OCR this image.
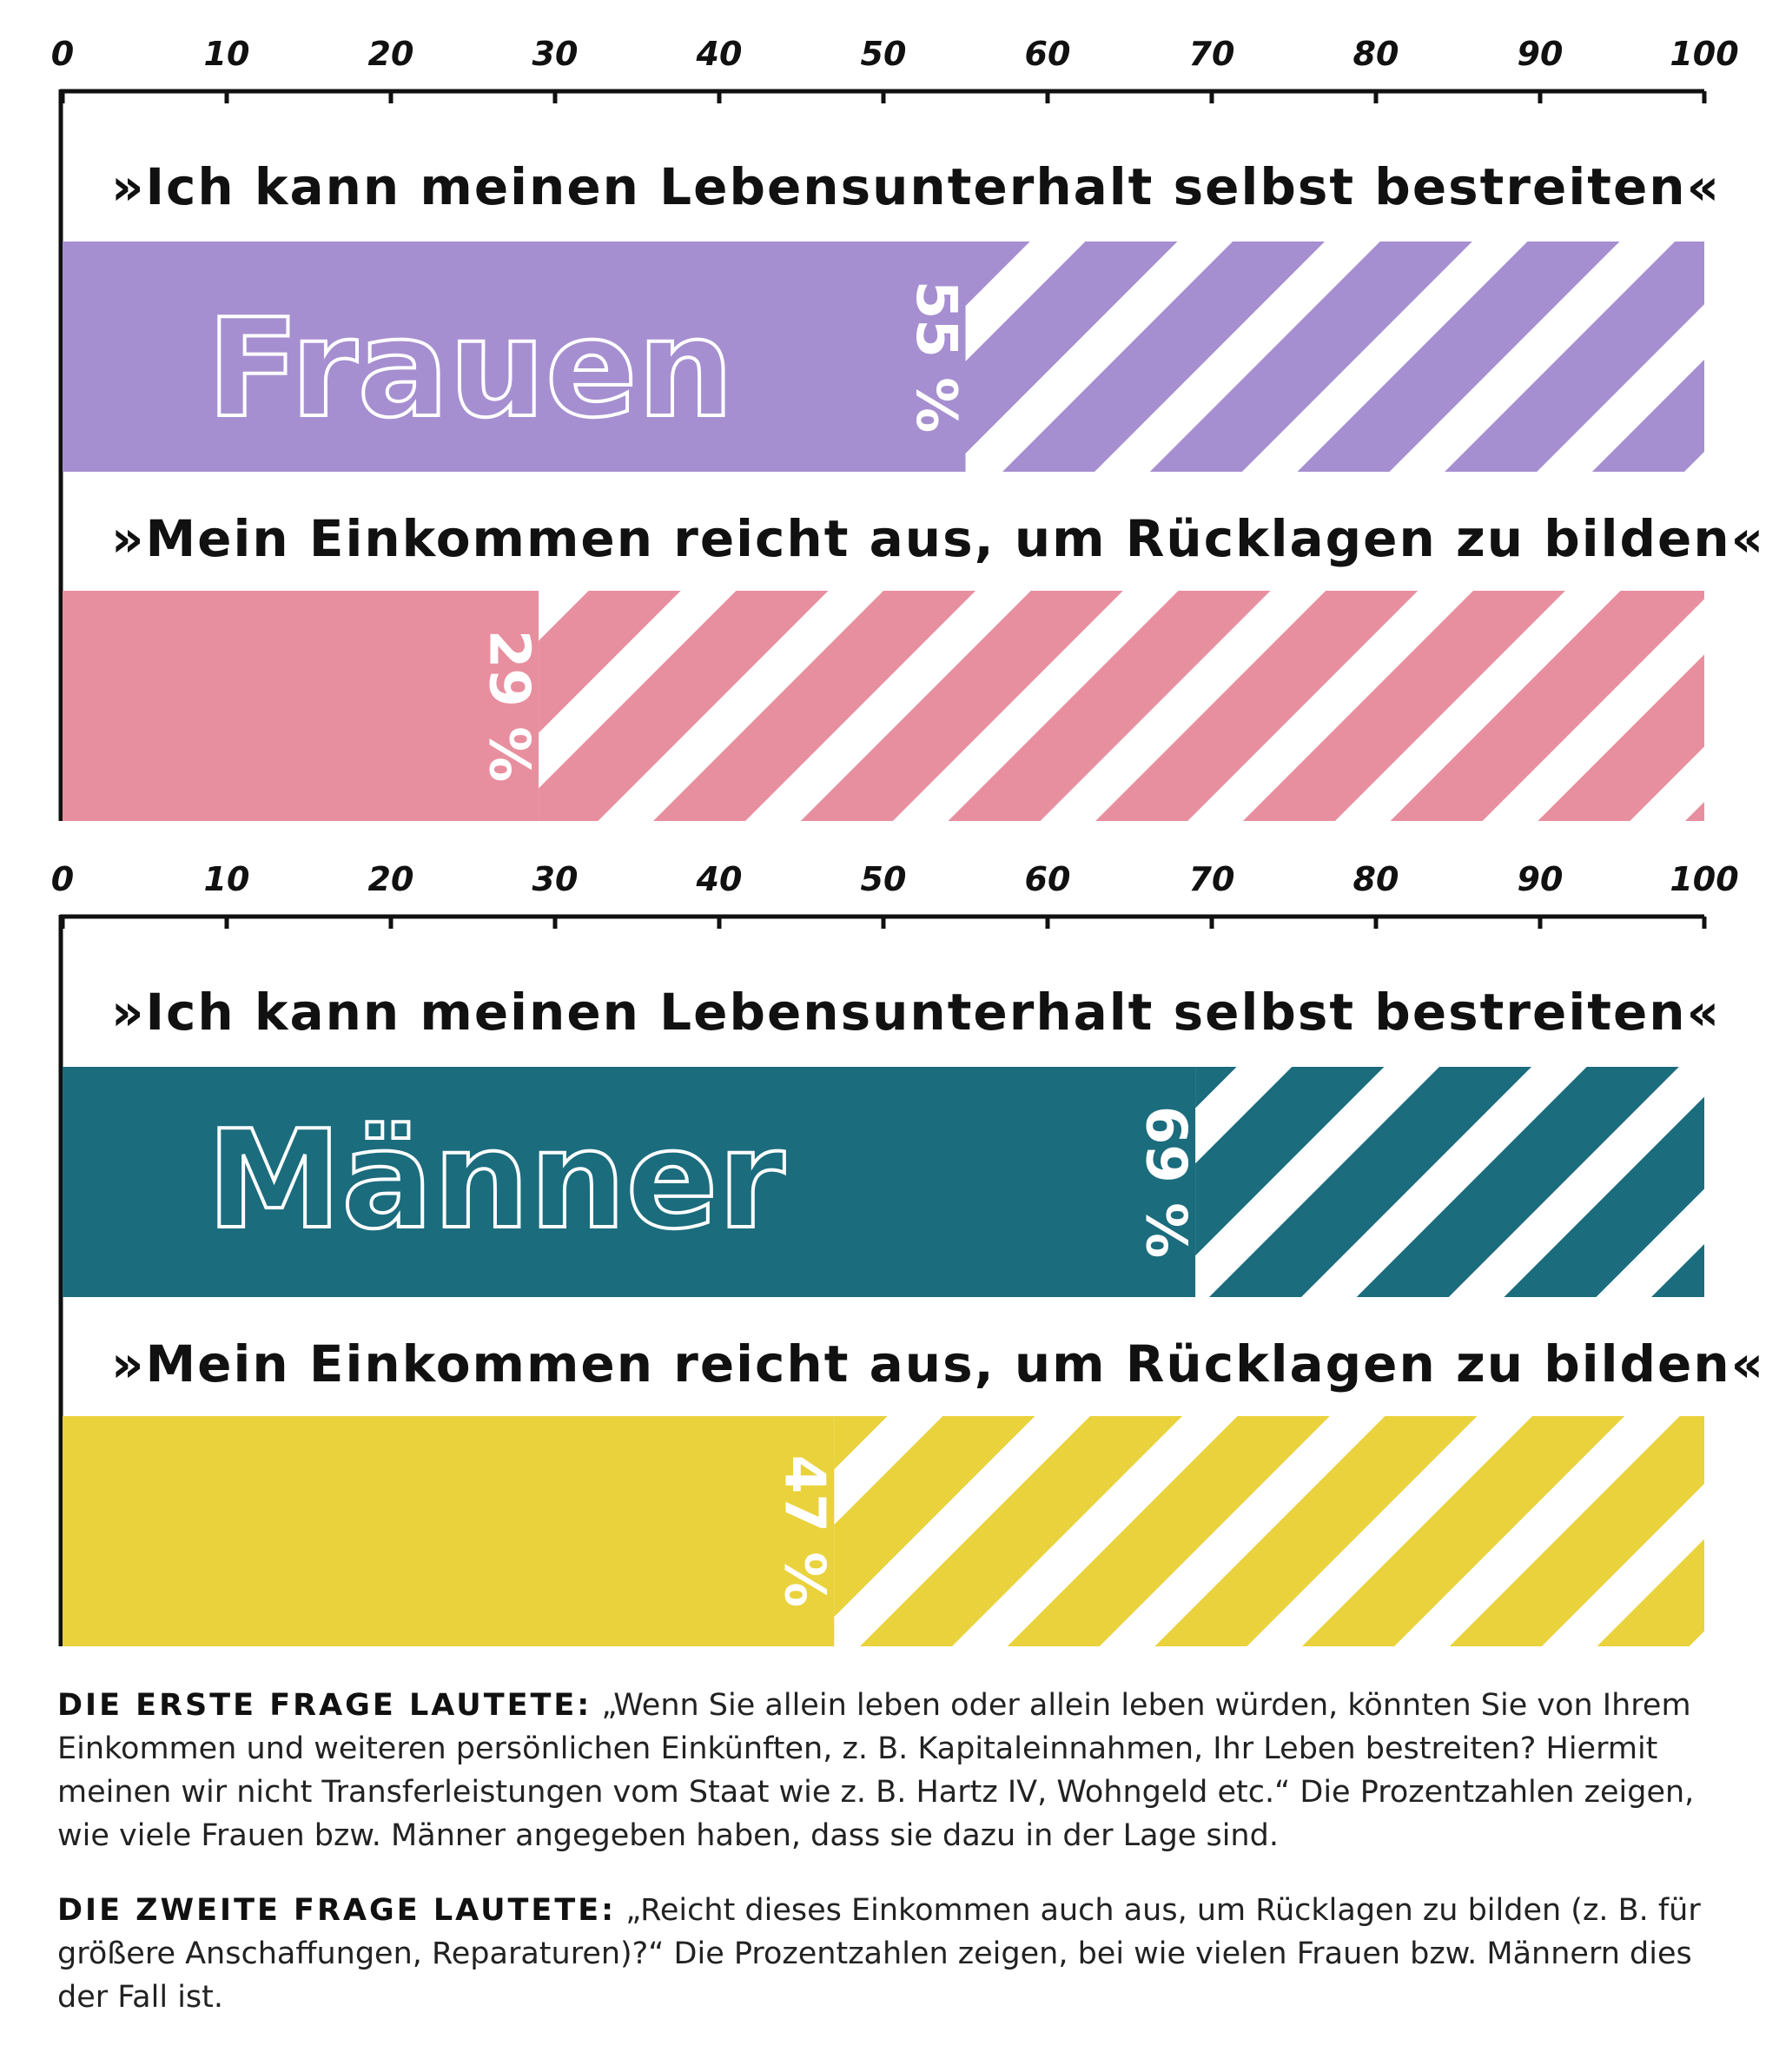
0	10	20	30	40	50	60	70	80	90	100
»Ich kann meinen Lebensunterhalt selbst bestreiten«
55 %
»Mein Einkommen reicht aus, um Rücklagen zu bilden«
29 %
Frauen
0	10	20	30	40	50	60	70	80	90	100
»Ich kann meinen Lebensunterhalt selbst bestreiten«
69 %
»Mein Einkommen reicht aus, um Rücklagen zu bilden«
47 %
Männer

DIE ERSTE FRAGE LAUTETE: „Wenn Sie allein leben oder allein leben würden, könnten Sie von Ihrem Einkommen und weiteren persönlichen Einkünften, z. B. Kapitaleinnahmen, Ihr Leben bestreiten? Hiermit meinen wir nicht Transferleistungen vom Staat wie z. B. Hartz IV, Wohngeld etc.“ Die Prozentzahlen zeigen, wie viele Frauen bzw. Männer angegeben haben, dass sie dazu in der Lage sind.

DIE ZWEITE FRAGE LAUTETE: „Reicht dieses Einkommen auch aus, um Rücklagen zu bilden (z. B. für größere Anschaffungen, Reparaturen)?“ Die Prozentzahlen zeigen, bei wie vielen Frauen bzw. Männern dies der Fall ist.
